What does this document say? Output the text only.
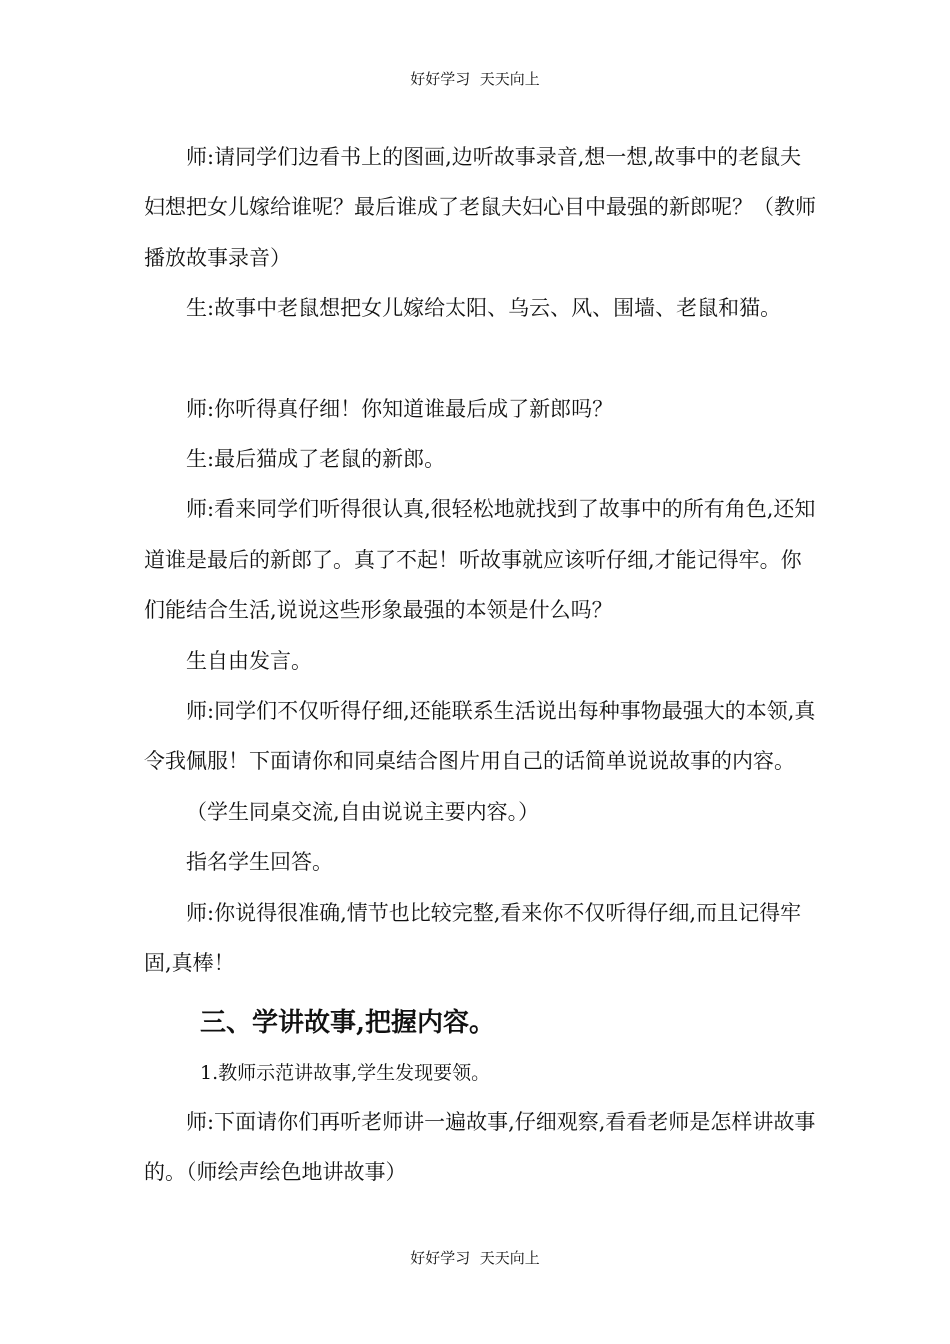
好好学习  天天向上

师:请同学们边看书上的图画,边听故事录音,想一想,故事中的老鼠夫妇想把女儿嫁给谁呢？最后谁成了老鼠夫妇心目中最强的新郎呢？（教师播放故事录音）

生:故事中老鼠想把女儿嫁给太阳、乌云、风、围墙、老鼠和猫。

师:你听得真仔细！你知道谁最后成了新郎吗？

生:最后猫成了老鼠的新郎。

师:看来同学们听得很认真,很轻松地就找到了故事中的所有角色,还知道谁是最后的新郎了。真了不起！听故事就应该听仔细,才能记得牢。你们能结合生活,说说这些形象最强的本领是什么吗？

生自由发言。

师:同学们不仅听得仔细,还能联系生活说出每种事物最强大的本领,真令我佩服！下面请你和同桌结合图片用自己的话简单说说故事的内容。

（学生同桌交流,自由说说主要内容。）

指名学生回答。

师:你说得很准确,情节也比较完整,看来你不仅听得仔细,而且记得牢固,真棒！

三、学讲故事,把握内容。

1.教师示范讲故事,学生发现要领。

师:下面请你们再听老师讲一遍故事,仔细观察,看看老师是怎样讲故事的。（师绘声绘色地讲故事）

好好学习  天天向上
